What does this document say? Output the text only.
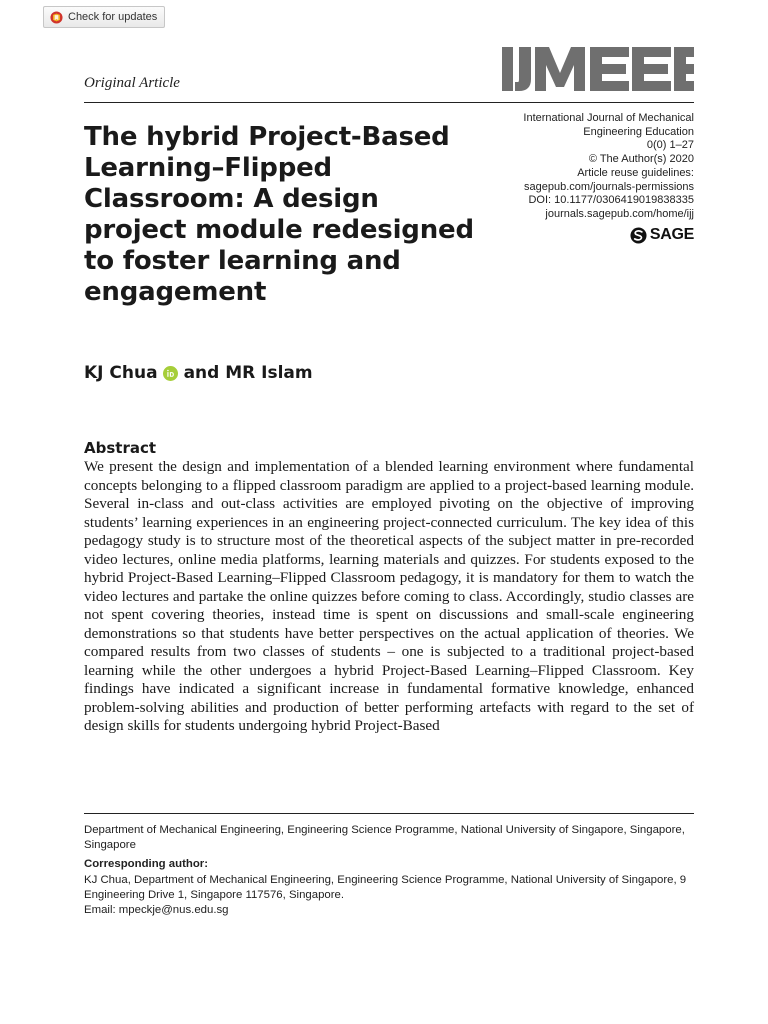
Check for updates
Original Article
The hybrid Project-Based Learning–Flipped Classroom: A design project module redesigned to foster learning and engagement
International Journal of Mechanical
Engineering Education
0(0) 1–27
© The Author(s) 2020
Article reuse guidelines:
sagepub.com/journals-permissions
DOI: 10.1177/0306419019838335
journals.sagepub.com/home/ijj
SAGE
KJ Chua and MR Islam
Abstract

We present the design and implementation of a blended learning environment where fundamental concepts belonging to a flipped classroom paradigm are applied to a project-based learning module. Several in-class and out-class activities are employed pivoting on the objective of improving students’ learning experiences in an engineering project-connected curriculum. The key idea of this pedagogy study is to structure most of the theoretical aspects of the subject matter in pre-recorded video lectures, online media platforms, learning materials and quizzes. For students exposed to the hybrid Project-Based Learning–Flipped Classroom pedagogy, it is mandatory for them to watch the video lectures and partake the online quizzes before coming to class. Accordingly, studio classes are not spent covering theories, instead time is spent on discussions and small-scale engineering demonstrations so that students have better perspectives on the actual application of theories. We compared results from two classes of students – one is subjected to a traditional project-based learning while the other undergoes a hybrid Project-Based Learning–Flipped Classroom. Key findings have indicated a significant increase in fundamental formative knowledge, enhanced problem-solving abilities and production of better performing artefacts with regard to the set of design skills for students undergoing hybrid Project-Based

Department of Mechanical Engineering, Engineering Science Programme, National University of Singapore, Singapore, Singapore

Corresponding author:

KJ Chua, Department of Mechanical Engineering, Engineering Science Programme, National University of Singapore, 9 Engineering Drive 1, Singapore 117576, Singapore.

Email: mpeckje@nus.edu.sg
